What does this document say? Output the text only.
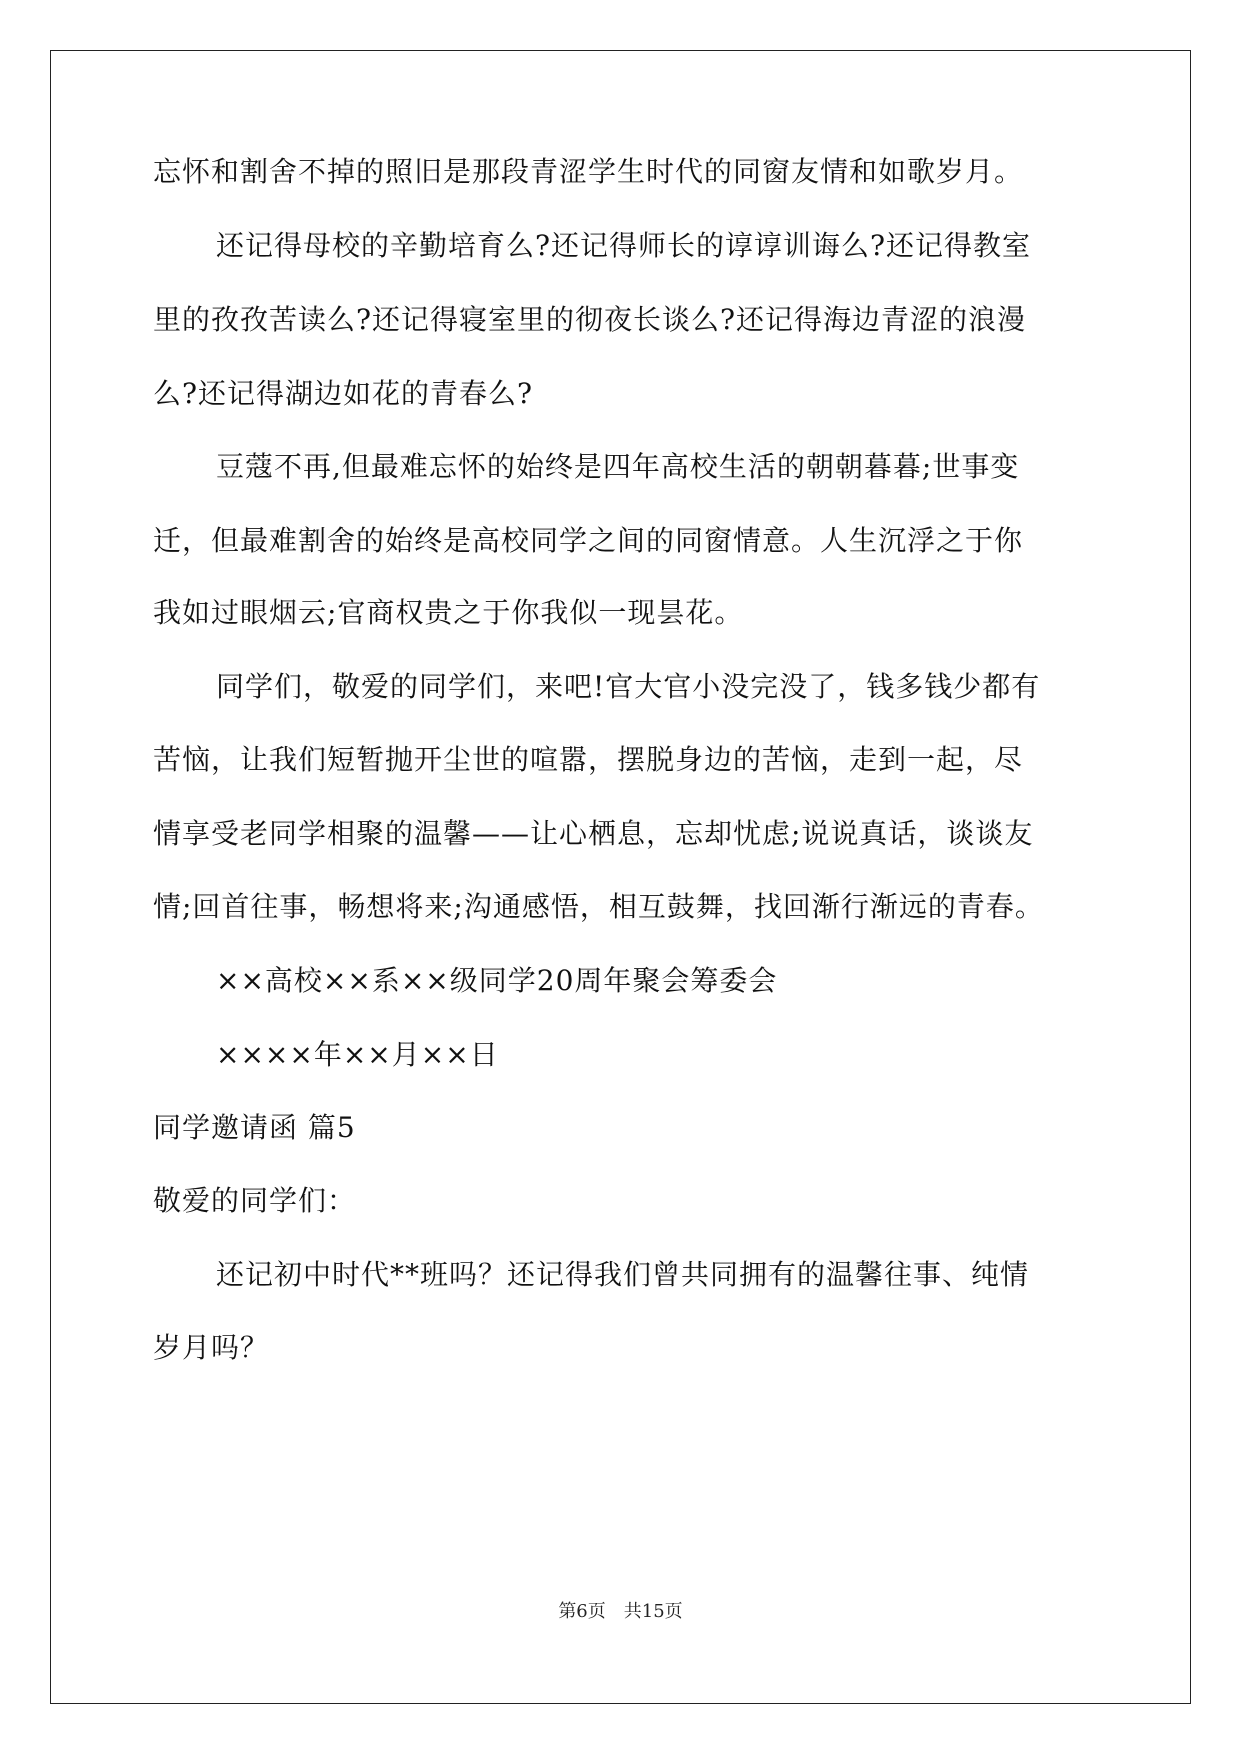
忘怀和割舍不掉的照旧是那段青涩学生时代的同窗友情和如歌岁月。
还记得母校的辛勤培育么?还记得师长的谆谆训诲么?还记得教室
里的孜孜苦读么?还记得寝室里的彻夜长谈么?还记得海边青涩的浪漫
么?还记得湖边如花的青春么?
豆蔻不再,但最难忘怀的始终是四年高校生活的朝朝暮暮;世事变
迁，但最难割舍的始终是高校同学之间的同窗情意。人生沉浮之于你
我如过眼烟云;官商权贵之于你我似一现昙花。
同学们，敬爱的同学们，来吧!官大官小没完没了，钱多钱少都有
苦恼，让我们短暂抛开尘世的喧嚣，摆脱身边的苦恼，走到一起，尽
情享受老同学相聚的温馨——让心栖息，忘却忧虑;说说真话，谈谈友
情;回首往事，畅想将来;沟通感悟，相互鼓舞，找回渐行渐远的青春。
××高校××系××级同学20周年聚会筹委会
××××年××月××日
同学邀请函 篇5
敬爱的同学们：
还记初中时代**班吗？还记得我们曾共同拥有的温馨往事、纯情
岁月吗？
第6页　共15页
